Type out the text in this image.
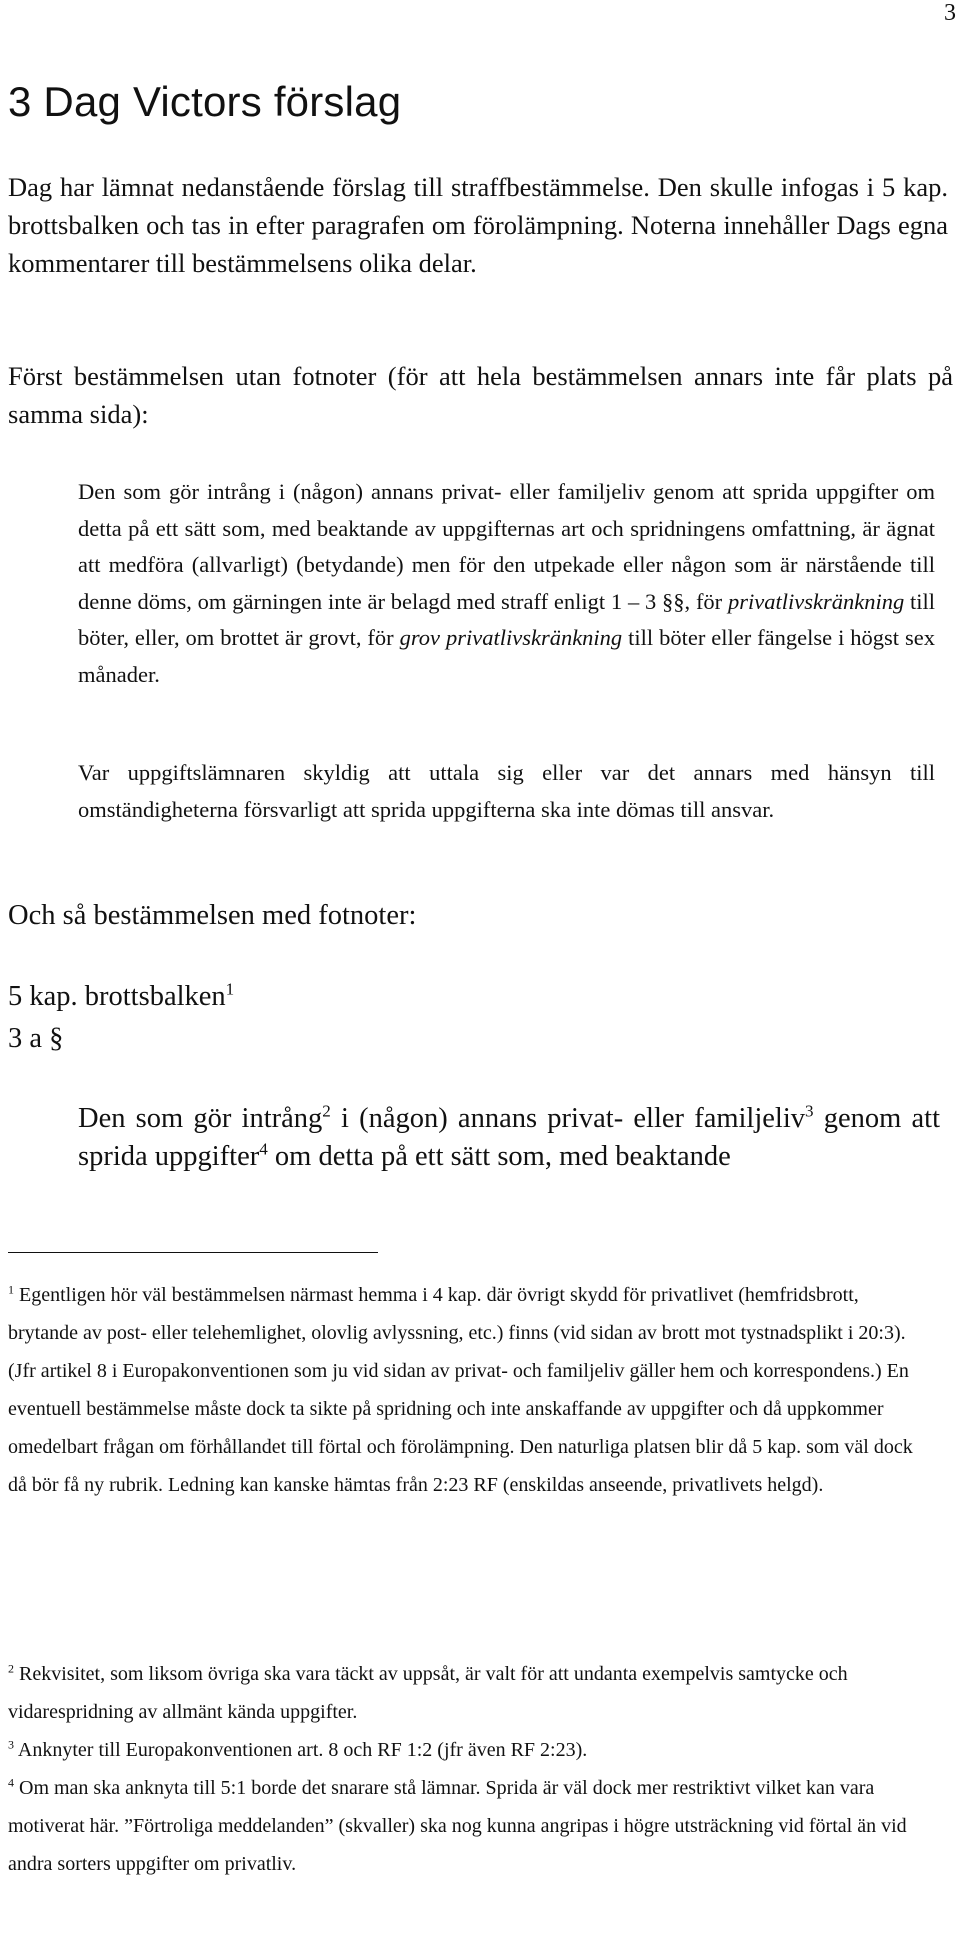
3
3 Dag Victors förslag

Dag har lämnat nedanstående förslag till straffbestämmelse. Den skulle infogas i 5 kap. brottsbalken och tas in efter paragrafen om förolämpning. Noterna innehåller Dags egna kommentarer till bestämmelsens olika delar.

Först bestämmelsen utan fotnoter (för att hela bestämmelsen annars inte får plats på samma sida):

Den som gör intrång i (någon) annans privat- eller familjeliv genom att sprida uppgifter om detta på ett sätt som, med beaktande av uppgifternas art och spridningens omfattning, är ägnat att medföra (allvarligt) (betydande) men för den utpekade eller någon som är närstående till denne döms, om gärningen inte är belagd med straff enligt 1 – 3 §§, för privatlivskränkning till böter, eller, om brottet är grovt, för grov privatlivskränkning till böter eller fängelse i högst sex månader.

Var uppgiftslämnaren skyldig att uttala sig eller var det annars med hänsyn till omständigheterna försvarligt att sprida uppgifterna ska inte dömas till ansvar.

Och så bestämmelsen med fotnoter:

5 kap. brottsbalken$^1$

3 a §

Den som gör intrång$^2$ i (någon) annans privat- eller familjeliv$^3$ genom att sprida uppgifter$^4$ om detta på ett sätt som, med beaktande

$^1$ Egentligen hör väl bestämmelsen närmast hemma i 4 kap. där övrigt skydd för privatlivet (hemfridsbrott, brytande av post- eller telehemlighet, olovlig avlyssning, etc.) finns (vid sidan av brott mot tystnadsplikt i 20:3). (Jfr artikel 8 i Europakonventionen som ju vid sidan av privat- och familjeliv gäller hem och korrespondens.) En eventuell bestämmelse måste dock ta sikte på spridning och inte anskaffande av uppgifter och då uppkommer omedelbart frågan om förhållandet till förtal och förolämpning. Den naturliga platsen blir då 5 kap. som väl dock då bör få ny rubrik. Ledning kan kanske hämtas från 2:23 RF (enskildas anseende, privatlivets helgd).

$^2$ Rekvisitet, som liksom övriga ska vara täckt av uppsåt, är valt för att undanta exempelvis samtycke och vidarespridning av allmänt kända uppgifter.

$^3$ Anknyter till Europakonventionen art. 8 och RF 1:2 (jfr även RF 2:23).

$^4$ Om man ska anknyta till 5:1 borde det snarare stå lämnar. Sprida är väl dock mer restriktivt vilket kan vara motiverat här. ”Förtroliga meddelanden” (skvaller) ska nog kunna angripas i högre utsträckning vid förtal än vid andra sorters uppgifter om privatliv.
